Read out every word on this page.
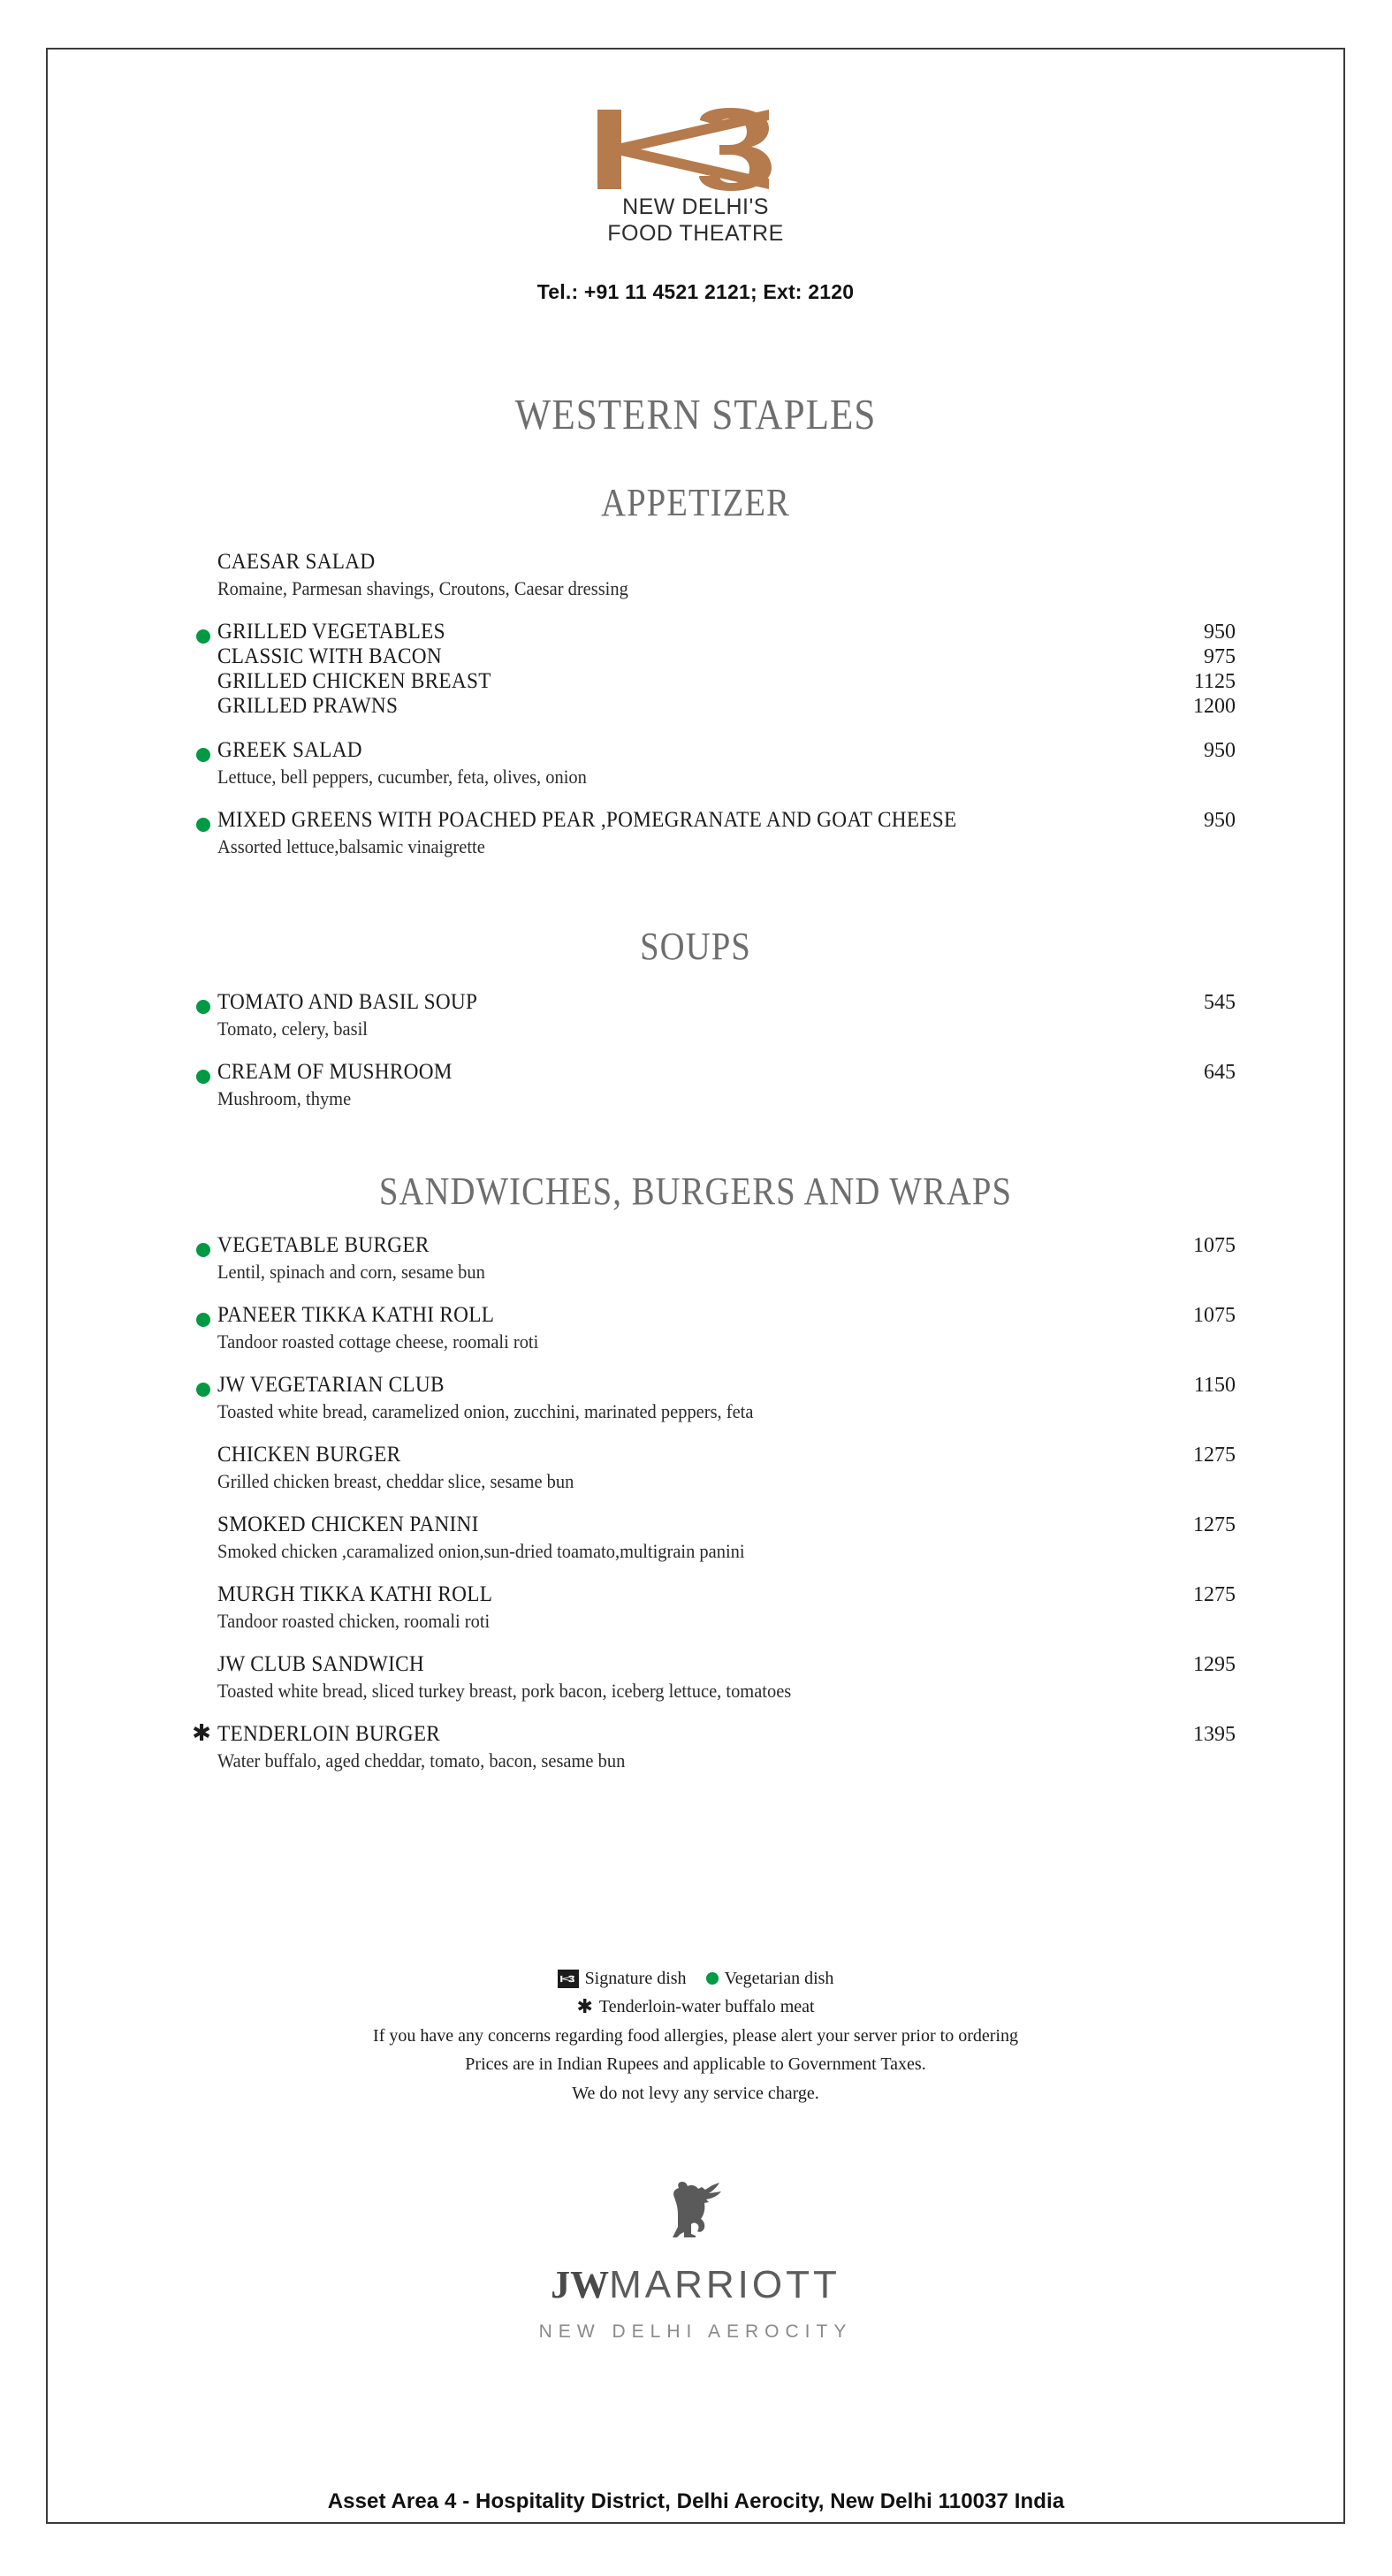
NEW DELHI'S
FOOD THEATRE
Tel.: +91 11 4521 2121; Ext: 2120
WESTERN STAPLES
APPETIZER
CAESAR SALAD
Romaine, Parmesan shavings, Croutons, Caesar dressing
GRILLED VEGETABLES	950
CLASSIC WITH BACON	975
GRILLED CHICKEN BREAST	1125
GRILLED PRAWNS	1200
GREEK SALAD	950
Lettuce, bell peppers, cucumber, feta, olives, onion
MIXED GREENS WITH POACHED PEAR ,POMEGRANATE AND GOAT CHEESE	950
Assorted lettuce,balsamic vinaigrette
SOUPS
TOMATO AND BASIL SOUP	545
Tomato, celery, basil
CREAM OF MUSHROOM	645
Mushroom, thyme
SANDWICHES, BURGERS AND WRAPS
VEGETABLE BURGER	1075
Lentil, spinach and corn, sesame bun
PANEER TIKKA KATHI ROLL	1075
Tandoor roasted cottage cheese, roomali roti
JW VEGETARIAN CLUB	1150
Toasted white bread, caramelized onion, zucchini, marinated peppers, feta
CHICKEN BURGER	1275
Grilled chicken breast, cheddar slice, sesame bun
SMOKED CHICKEN PANINI	1275
Smoked chicken ,caramalized onion,sun-dried toamato,multigrain panini
MURGH TIKKA KATHI ROLL	1275
Tandoor roasted chicken, roomali roti
JW CLUB SANDWICH	1295
Toasted white bread, sliced turkey breast, pork bacon, iceberg lettuce, tomatoes
✱ TENDERLOIN BURGER	1395
Water buffalo, aged cheddar, tomato, bacon, sesame bun
Signature dish Vegetarian dish
✱ Tenderloin-water buffalo meat
If you have any concerns regarding food allergies, please alert your server prior to ordering
Prices are in Indian Rupees and applicable to Government Taxes.
We do not levy any service charge.
JWMARRIOTT
NEW DELHI AEROCITY
Asset Area 4 - Hospitality District, Delhi Aerocity, New Delhi 110037 India
